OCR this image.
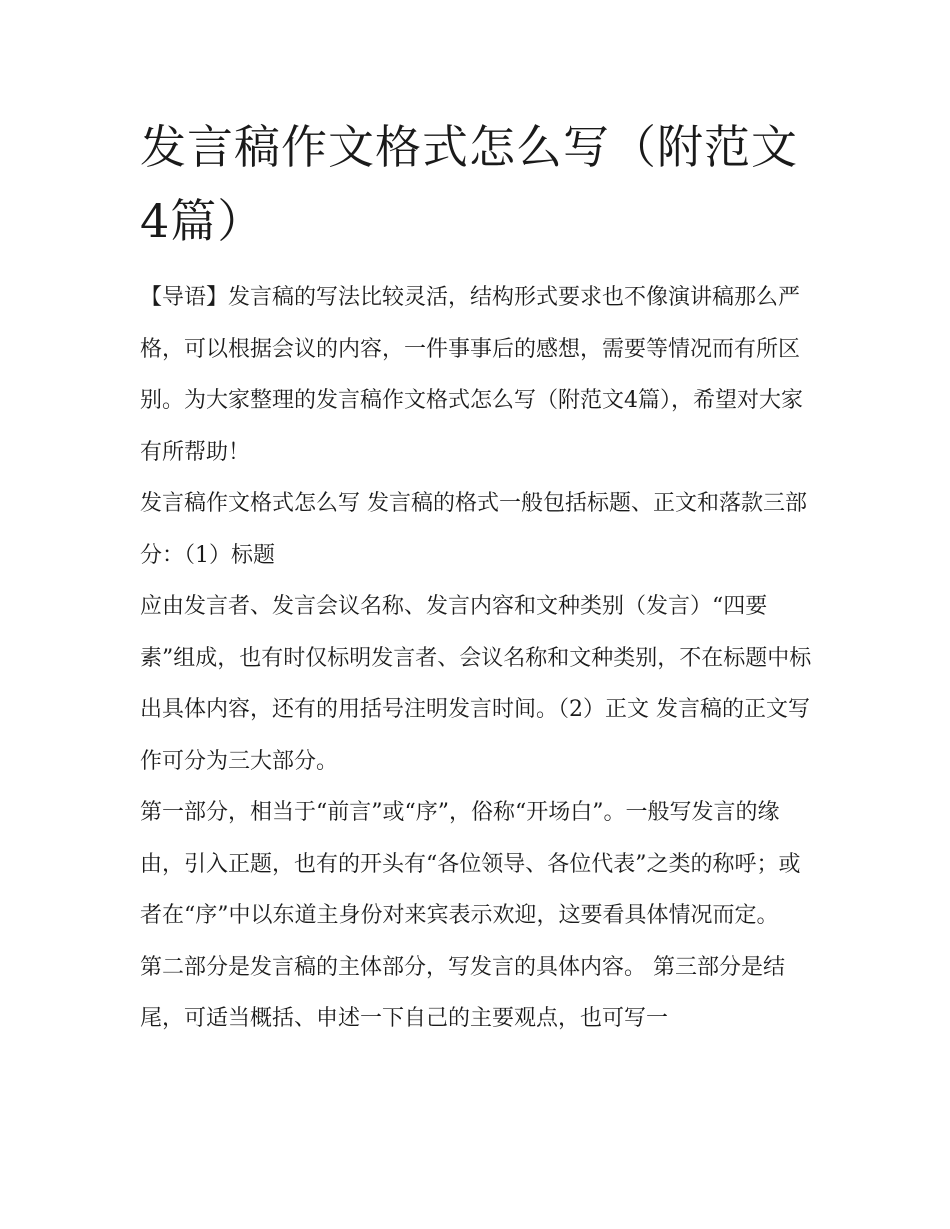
发言稿作文格式怎么写（附范文4篇）

【导语】发言稿的写法比较灵活，结构形式要求也不像演讲稿那么严格，可以根据会议的内容，一件事事后的感想，需要等情况而有所区别。为大家整理的发言稿作文格式怎么写（附范文4篇），希望对大家有所帮助！

发言稿作文格式怎么写 发言稿的格式一般包括标题、正文和落款三部分：（1）标题

应由发言者、发言会议名称、发言内容和文种类别（发言）“四要素”组成，也有时仅标明发言者、会议名称和文种类别，不在标题中标出具体内容，还有的用括号注明发言时间。（2）正文 发言稿的正文写作可分为三大部分。

第一部分，相当于“前言”或“序”，俗称“开场白”。一般写发言的缘由，引入正题，也有的开头有“各位领导、各位代表”之类的称呼；或者在“序”中以东道主身份对来宾表示欢迎，这要看具体情况而定。

第二部分是发言稿的主体部分，写发言的具体内容。 第三部分是结尾，可适当概括、申述一下自己的主要观点，也可写一
